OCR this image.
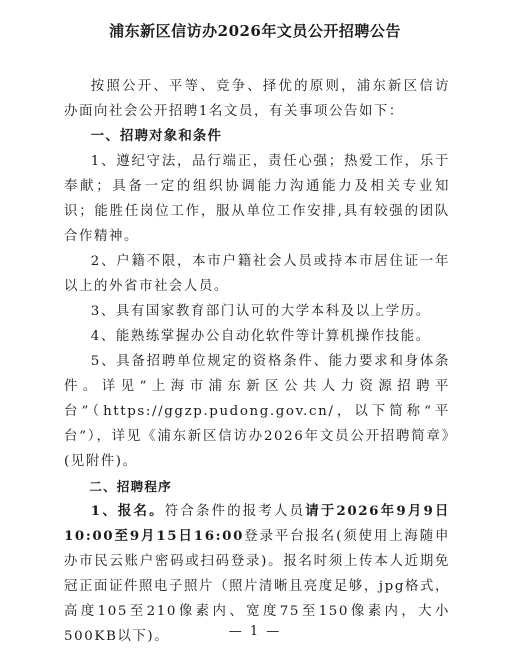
浦东新区信访办2026年文员公开招聘公告

按照公开、平等、竞争、择优的原则，浦东新区信访办面向社会公开招聘1名文员，有关事项公告如下：

一、招聘对象和条件

1、遵纪守法，品行端正，责任心强；热爱工作，乐于奉献；具备一定的组织协调能力沟通能力及相关专业知识；能胜任岗位工作，服从单位工作安排,具有较强的团队合作精神。

2、户籍不限，本市户籍社会人员或持本市居住证一年以上的外省市社会人员。

3、具有国家教育部门认可的大学本科及以上学历。

4、能熟练掌握办公自动化软件等计算机操作技能。

5、具备招聘单位规定的资格条件、能力要求和身体条件。详见“上海市浦东新区公共人力资源招聘平台”（https://ggzp.pudong.gov.cn/，以下简称“平台”），详见《浦东新区信访办2026年文员公开招聘简章》(见附件)。

二、招聘程序

1、报名。符合条件的报考人员请于2026年9月9日10:00至9月15日16:00登录平台报名(须使用上海随申办市民云账户密码或扫码登录)。报名时须上传本人近期免冠正面证件照电子照片（照片清晰且亮度足够，jpg格式，高度105至210像素内、宽度75至150像素内，大小500KB以下)。	— 1 —
